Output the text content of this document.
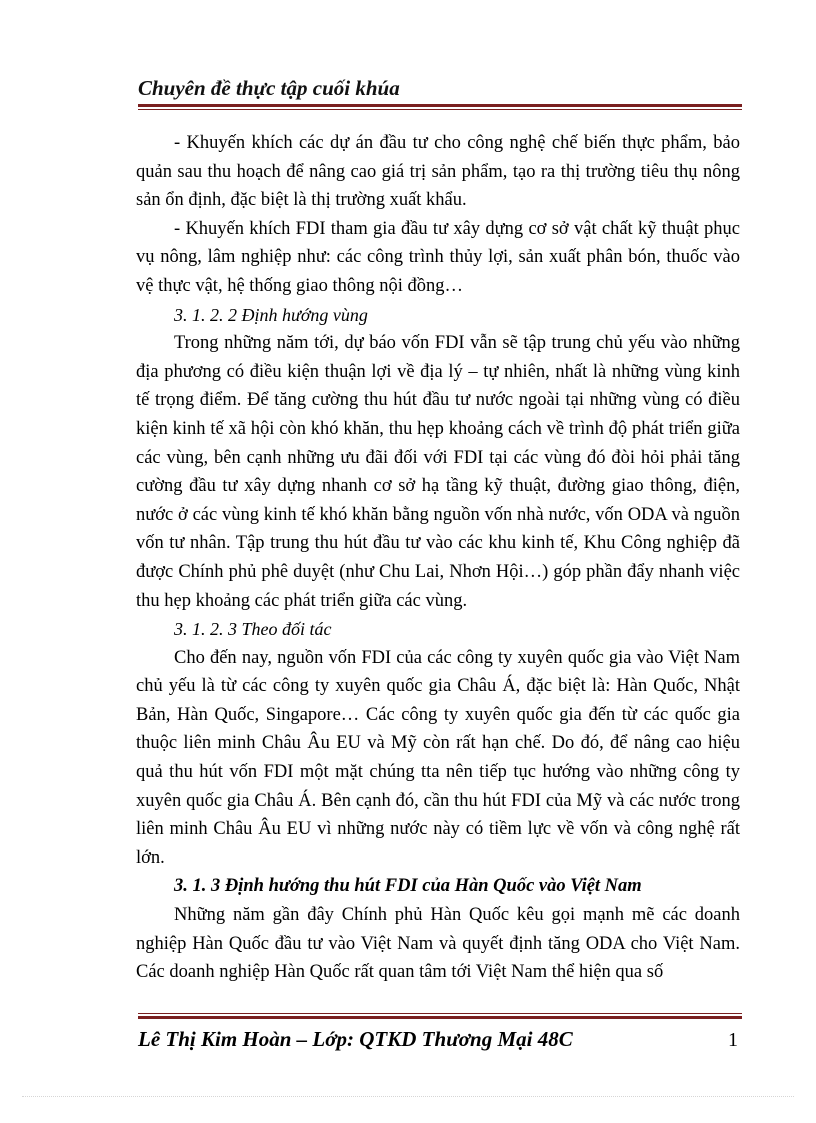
Chuyên đề thực tập cuối khúa

- Khuyến khích các dự án đầu tư cho công nghệ chế biến thực phẩm, bảo quản sau thu hoạch để nâng cao giá trị sản phẩm, tạo ra thị trường tiêu thụ nông sản ổn định, đặc biệt là thị trường xuất khẩu.

- Khuyến khích FDI tham gia đầu tư xây dựng cơ sở vật chất kỹ thuật phục vụ nông, lâm nghiệp như: các công trình thủy lợi, sản xuất phân bón, thuốc vào vệ thực vật, hệ thống giao thông nội đồng…

3. 1. 2. 2 Định hướng vùng

Trong những năm tới, dự báo vốn FDI vẫn sẽ tập trung chủ yếu vào những địa phương có điều kiện thuận lợi về địa lý – tự nhiên, nhất là những vùng kinh tế trọng điểm. Để tăng cường thu hút đầu tư nước ngoài tại những vùng có điều kiện kinh tế xã hội còn khó khăn, thu hẹp khoảng cách về trình độ phát triển giữa các vùng, bên cạnh những ưu đãi đối với FDI tại các vùng đó đòi hỏi phải tăng cường đầu tư xây dựng nhanh cơ sở hạ tầng kỹ thuật, đường giao thông, điện, nước ở các vùng kinh tế khó khăn bằng nguồn vốn nhà nước, vốn ODA và nguồn vốn tư nhân. Tập trung thu hút đầu tư vào các khu kinh tế, Khu Công nghiệp đã được Chính phủ phê duyệt (như Chu Lai, Nhơn Hội…) góp phần đẩy nhanh việc thu hẹp khoảng các phát triển giữa các vùng.

3. 1. 2. 3 Theo đối tác

Cho đến nay, nguồn vốn FDI của các công ty xuyên quốc gia vào Việt Nam chủ yếu là từ các công ty xuyên quốc gia Châu Á, đặc biệt là: Hàn Quốc, Nhật Bản, Hàn Quốc, Singapore… Các công ty xuyên quốc gia đến từ các quốc gia thuộc liên minh Châu Âu EU và Mỹ còn rất hạn chế. Do đó, để nâng cao hiệu quả thu hút vốn FDI một mặt chúng tta nên tiếp tục hướng vào những công ty xuyên quốc gia Châu Á. Bên cạnh đó, cần thu hút FDI của Mỹ và các nước trong liên minh Châu Âu EU vì những nước này có tiềm lực về vốn và công nghệ rất lớn.

3. 1. 3 Định hướng thu hút FDI của Hàn Quốc vào Việt Nam

Những năm gần đây Chính phủ Hàn Quốc kêu gọi mạnh mẽ các doanh nghiệp Hàn Quốc đầu tư vào Việt Nam và quyết định tăng ODA cho Việt Nam. Các doanh nghiệp Hàn Quốc rất quan tâm tới Việt Nam thể hiện qua số

Lê Thị Kim Hoàn – Lớp: QTKD Thương Mại 48C	1
